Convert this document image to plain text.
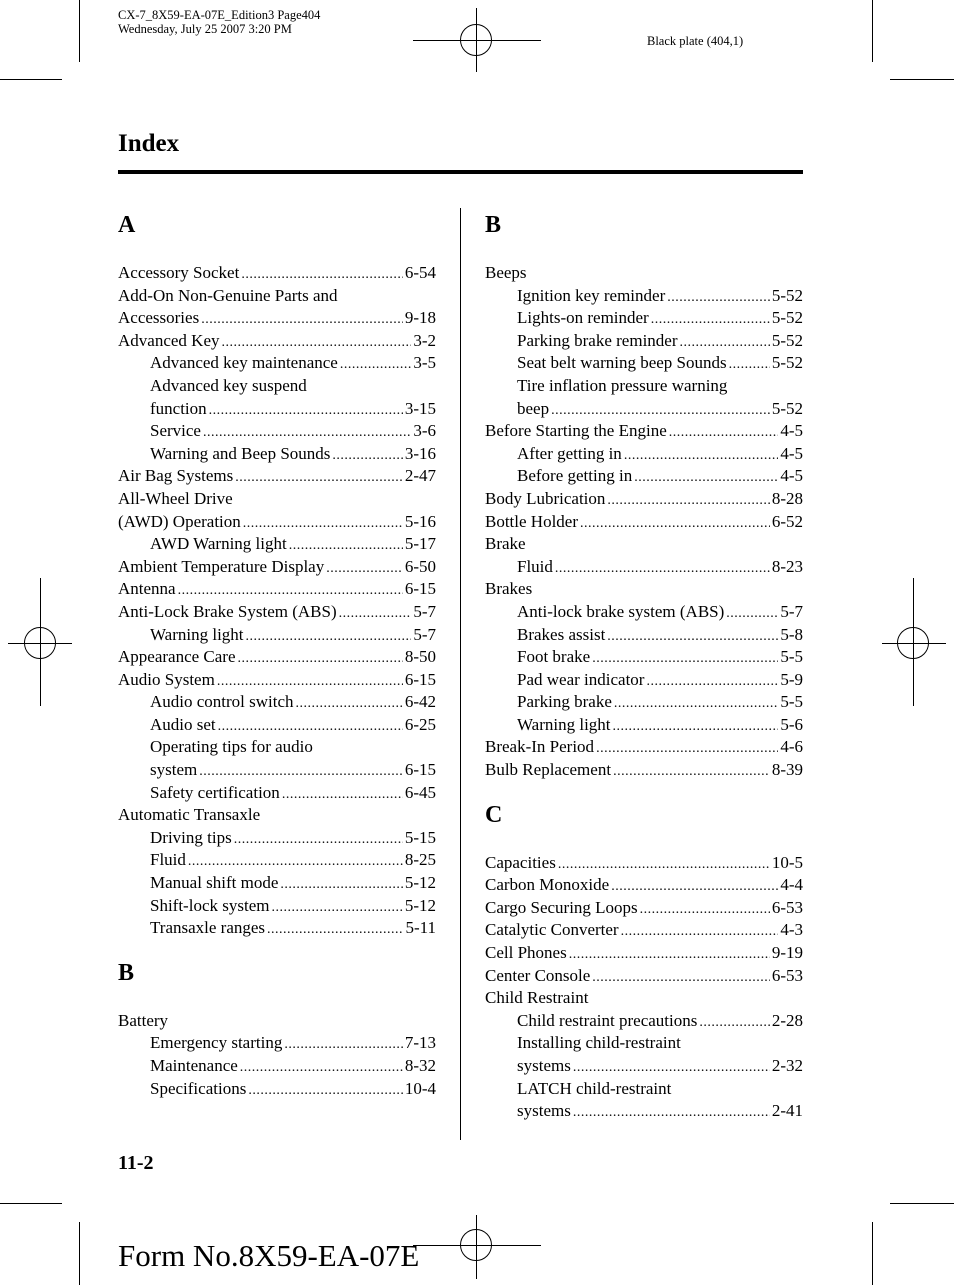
CX-7_8X59-EA-07E_Edition3 Page404
Wednesday, July 25 2007 3:20 PM
Black plate (404,1)
Index
A
Accessory Socket .....	6-54
Add-On Non-Genuine Parts and
Accessories .....	9-18
Advanced Key .....	3-2
Advanced key maintenance .....	3-5
Advanced key suspend
function .....	3-15
Service .....	3-6
Warning and Beep Sounds .....	3-16
Air Bag Systems .....	2-47
All-Wheel Drive
(AWD) Operation .....	5-16
AWD Warning light .....	5-17
Ambient Temperature Display .....	6-50
Antenna .....	6-15
Anti-Lock Brake System (ABS) .....	5-7
Warning light .....	5-7
Appearance Care .....	8-50
Audio System .....	6-15
Audio control switch .....	6-42
Audio set .....	6-25
Operating tips for audio
system .....	6-15
Safety certification .....	6-45
Automatic Transaxle
Driving tips .....	5-15
Fluid .....	8-25
Manual shift mode .....	5-12
Shift-lock system .....	5-12
Transaxle ranges .....	5-11
B
Battery
Emergency starting .....	7-13
Maintenance .....	8-32
Specifications .....	10-4
B
Beeps
Ignition key reminder .....	5-52
Lights-on reminder .....	5-52
Parking brake reminder .....	5-52
Seat belt warning beep Sounds .....	5-52
Tire inflation pressure warning
beep .....	5-52
Before Starting the Engine .....	4-5
After getting in .....	4-5
Before getting in .....	4-5
Body Lubrication .....	8-28
Bottle Holder .....	6-52
Brake
Fluid .....	8-23
Brakes
Anti-lock brake system (ABS) .....	5-7
Brakes assist .....	5-8
Foot brake .....	5-5
Pad wear indicator .....	5-9
Parking brake .....	5-5
Warning light .....	5-6
Break-In Period .....	4-6
Bulb Replacement .....	8-39
C
Capacities .....	10-5
Carbon Monoxide .....	4-4
Cargo Securing Loops .....	6-53
Catalytic Converter .....	4-3
Cell Phones .....	9-19
Center Console .....	6-53
Child Restraint
Child restraint precautions .....	2-28
Installing child-restraint
systems .....	2-32
LATCH child-restraint
systems .....	2-41
11-2
Form No.8X59-EA-07E
